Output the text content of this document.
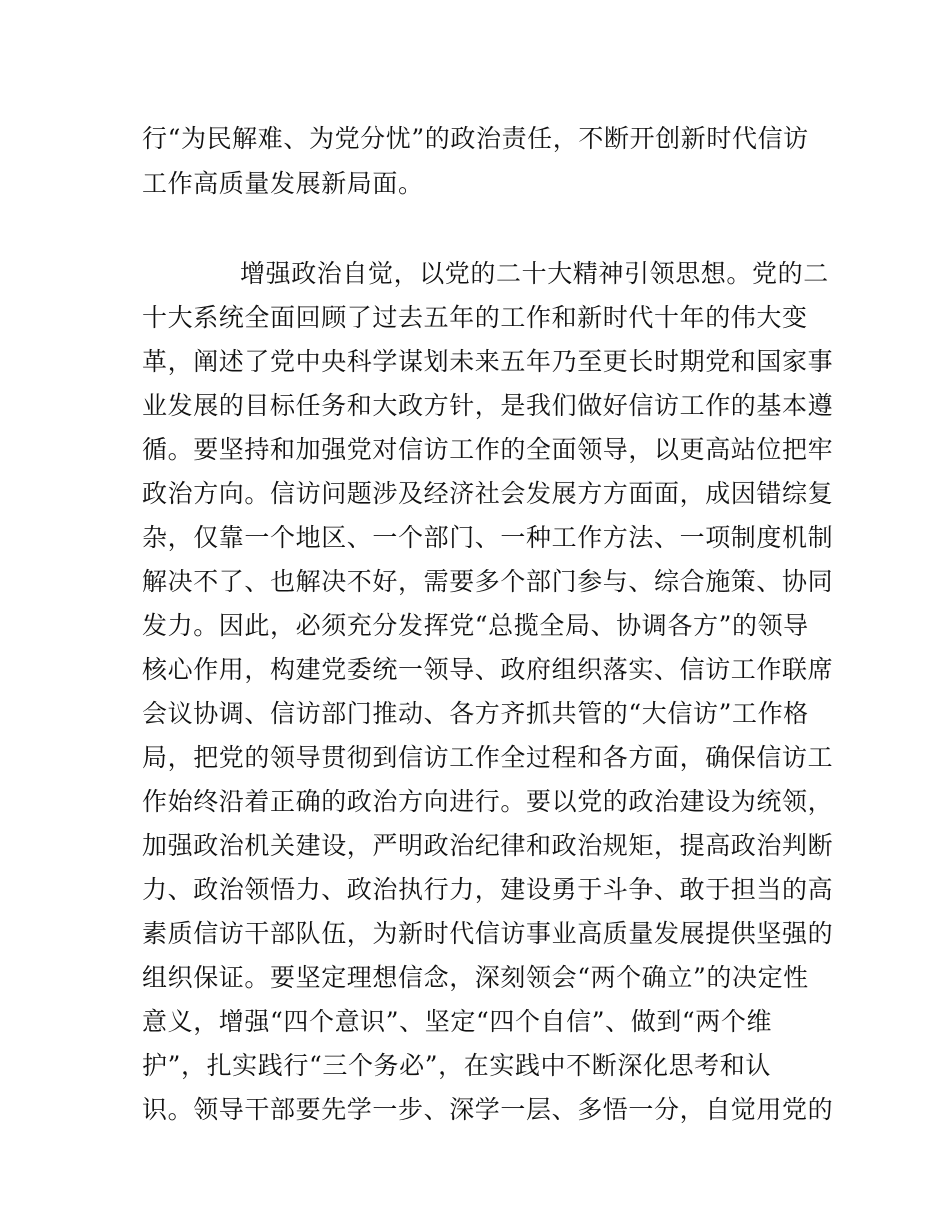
行“为民解难、为党分忧”的政治责任，不断开创新时代信访
工作高质量发展新局面。
增强政治自觉，以党的二十大精神引领思想。党的二
十大系统全面回顾了过去五年的工作和新时代十年的伟大变
革，阐述了党中央科学谋划未来五年乃至更长时期党和国家事
业发展的目标任务和大政方针，是我们做好信访工作的基本遵
循。要坚持和加强党对信访工作的全面领导，以更高站位把牢
政治方向。信访问题涉及经济社会发展方方面面，成因错综复
杂，仅靠一个地区、一个部门、一种工作方法、一项制度机制
解决不了、也解决不好，需要多个部门参与、综合施策、协同
发力。因此，必须充分发挥党“总揽全局、协调各方”的领导
核心作用，构建党委统一领导、政府组织落实、信访工作联席
会议协调、信访部门推动、各方齐抓共管的“大信访”工作格
局，把党的领导贯彻到信访工作全过程和各方面，确保信访工
作始终沿着正确的政治方向进行。要以党的政治建设为统领，
加强政治机关建设，严明政治纪律和政治规矩，提高政治判断
力、政治领悟力、政治执行力，建设勇于斗争、敢于担当的高
素质信访干部队伍，为新时代信访事业高质量发展提供坚强的
组织保证。要坚定理想信念，深刻领会“两个确立”的决定性
意义，增强“四个意识”、坚定“四个自信”、做到“两个维
护”，扎实践行“三个务必”，在实践中不断深化思考和认
识。领导干部要先学一步、深学一层、多悟一分，自觉用党的
